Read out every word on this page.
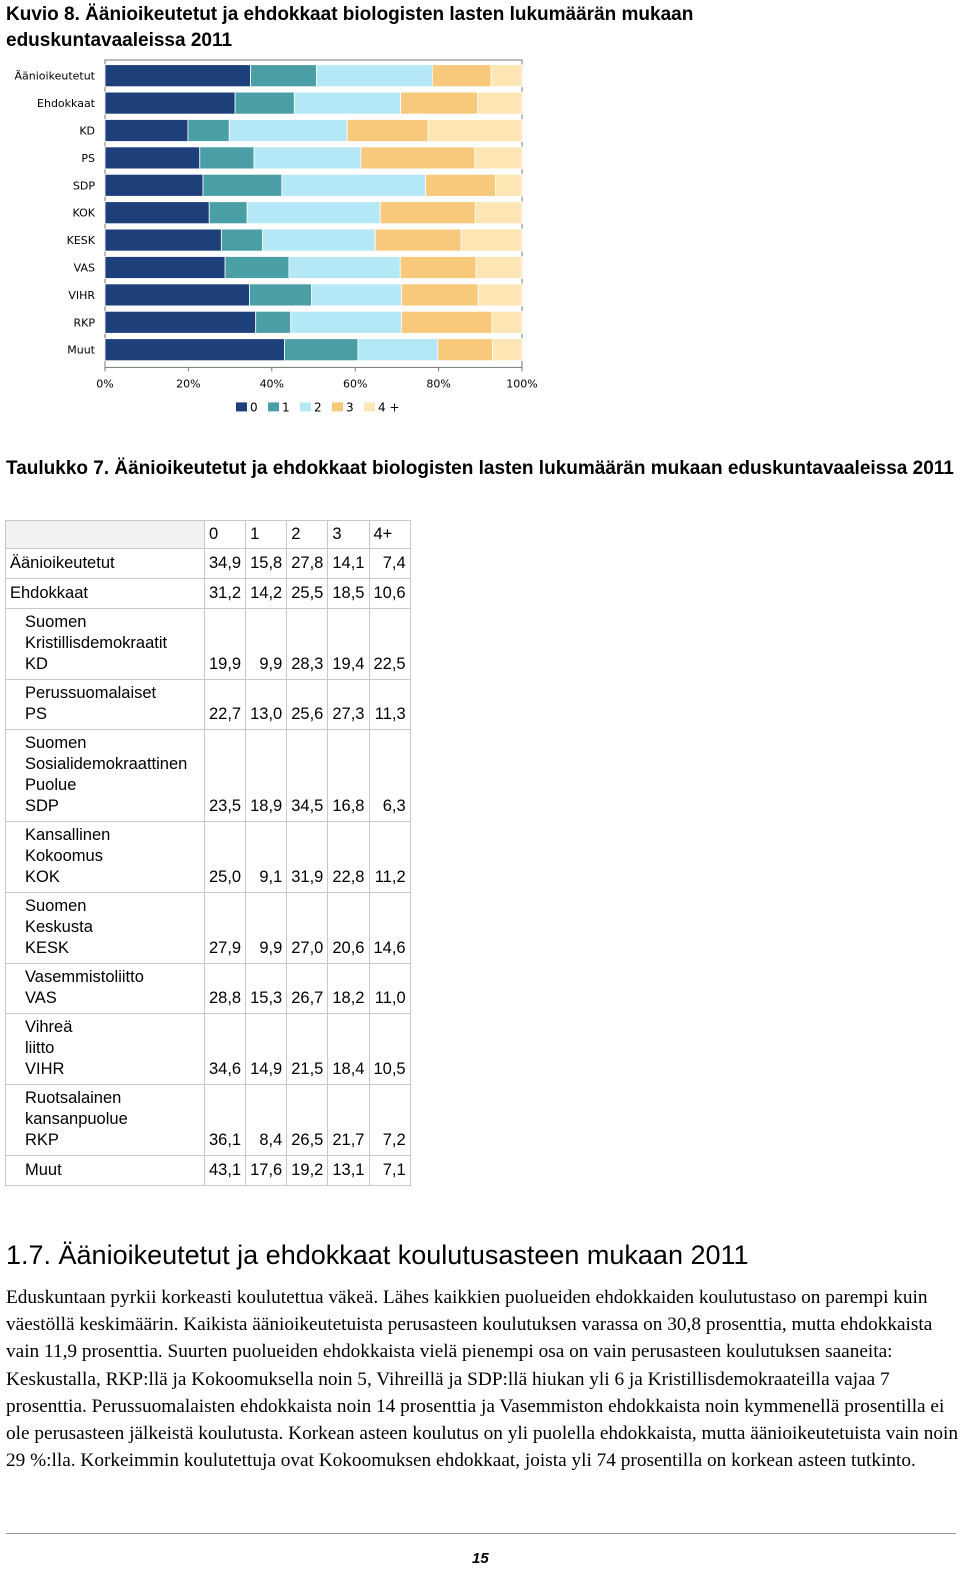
Kuvio 8. Äänioikeutetut ja ehdokkaat biologisten lasten lukumäärän mukaan eduskuntavaaleissa 2011
Äänioikeutetut
Ehdokkaat
KD
PS
SDP
KOK
KESK
VAS
VIHR
RKP
Muut
0%	20%	40%	60%	80%	100%
0 1 2 3 4 +
Taulukko 7. Äänioikeutetut ja ehdokkaat biologisten lasten lukumäärän mukaan eduskuntavaaleissa 2011
	0	1	2	3	4+

Äänioikeutetut	34,9	15,8	27,8	14,1	7,4

Ehdokkaat	31,2	14,2	25,5	18,5	10,6

Suomen
Kristillisdemokraatit
KD	19,9	9,9	28,3	19,4	22,5

Perussuomalaiset
PS	22,7	13,0	25,6	27,3	11,3

Suomen
Sosialidemokraattinen
Puolue
SDP	23,5	18,9	34,5	16,8	6,3

Kansallinen
Kokoomus
KOK	25,0	9,1	31,9	22,8	11,2

Suomen
Keskusta
KESK	27,9	9,9	27,0	20,6	14,6

Vasemmistoliitto
VAS	28,8	15,3	26,7	18,2	11,0

Vihreä
liitto
VIHR	34,6	14,9	21,5	18,4	10,5

Ruotsalainen
kansanpuolue
RKP	36,1	8,4	26,5	21,7	7,2

Muut	43,1	17,6	19,2	13,1	7,1
1.7. Äänioikeutetut ja ehdokkaat koulutusasteen mukaan 2011
Eduskuntaan pyrkii korkeasti koulutettua väkeä. Lähes kaikkien puolueiden ehdokkaiden koulutustaso on parempi kuin väestöllä keskimäärin. Kaikista äänioikeutetuista perusasteen koulutuksen varassa on 30,8 prosenttia, mutta ehdokkaista vain 11,9 prosenttia. Suurten puolueiden ehdokkaista vielä pienempi osa on vain perusasteen koulutuksen saaneita: Keskustalla, RKP:llä ja Kokoomuksella noin 5, Vihreillä ja SDP:llä hiukan yli 6 ja Kristillisdemokraateilla vajaa 7 prosenttia. Perussuomalaisten ehdokkaista noin 14 prosenttia ja Vasemmiston ehdokkaista noin kymmenellä prosentilla ei ole perusasteen jälkeistä koulutusta. Korkean asteen koulutus on yli puolella ehdokkaista, mutta äänioikeutetuista vain noin 29 %:lla. Korkeimmin koulutettuja ovat Kokoomuksen ehdokkaat, joista yli 74 prosentilla on korkean asteen tutkinto.
15
